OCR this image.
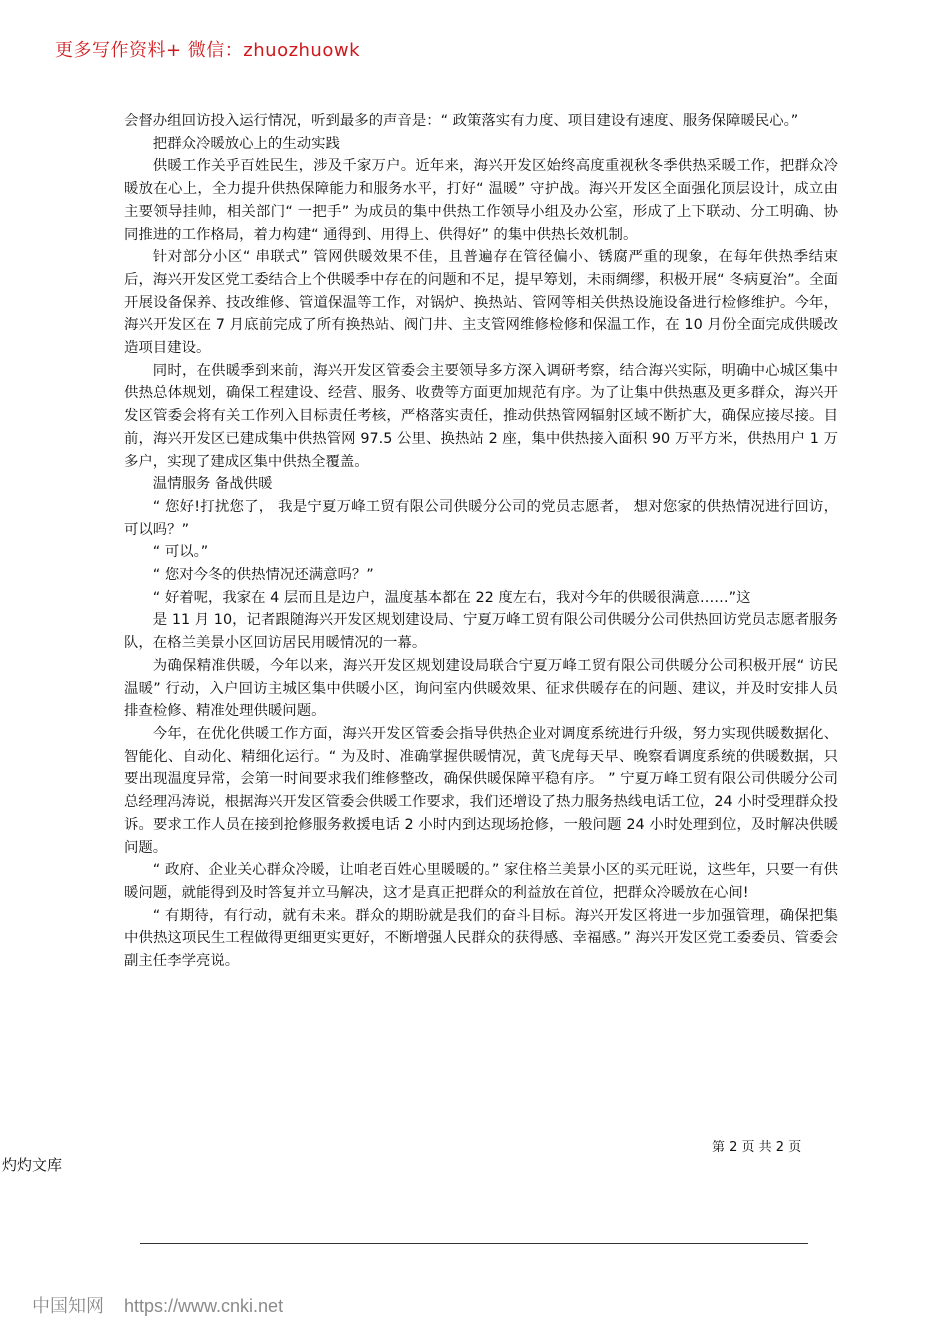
更多写作资料+ 微信：zhuozhuowk

会督办组回访投入运行情况，听到最多的声音是：“ 政策落实有力度、项目建设有速度、服务保障暖民心。”

把群众冷暖放心上的生动实践

供暖工作关乎百姓民生，涉及千家万户。近年来，海兴开发区始终高度重视秋冬季供热采暖工作，把群众冷暖放在心上，全力提升供热保障能力和服务水平，打好“ 温暖” 守护战。海兴开发区全面强化顶层设计，成立由主要领导挂帅，相关部门“ 一把手” 为成员的集中供热工作领导小组及办公室，形成了上下联动、分工明确、协同推进的工作格局，着力构建“ 通得到、用得上、供得好” 的集中供热长效机制。

针对部分小区“ 串联式” 管网供暖效果不佳，且普遍存在管径偏小、锈腐严重的现象，在每年供热季结束后，海兴开发区党工委结合上个供暖季中存在的问题和不足，提早筹划，未雨绸缪，积极开展“ 冬病夏治”。全面开展设备保养、技改维修、管道保温等工作，对锅炉、换热站、管网等相关供热设施设备进行检修维护。今年，海兴开发区在 7 月底前完成了所有换热站、阀门井、主支管网维修检修和保温工作，在 10 月份全面完成供暖改造项目建设。

同时，在供暖季到来前，海兴开发区管委会主要领导多方深入调研考察，结合海兴实际，明确中心城区集中供热总体规划，确保工程建设、经营、服务、收费等方面更加规范有序。为了让集中供热惠及更多群众，海兴开发区管委会将有关工作列入目标责任考核，严格落实责任，推动供热管网辐射区域不断扩大，确保应接尽接。目前，海兴开发区已建成集中供热管网 97.5 公里、换热站 2 座，集中供热接入面积 90 万平方米，供热用户 1 万多户，实现了建成区集中供热全覆盖。

温情服务 备战供暖

“ 您好!打扰您了， 我是宁夏万峰工贸有限公司供暖分公司的党员志愿者， 想对您家的供热情况进行回访，可以吗？”

“ 可以。”

“ 您对今冬的供热情况还满意吗？”

“ 好着呢，我家在 4 层而且是边户，温度基本都在 22 度左右，我对今年的供暖很满意……”这

是 11 月 10，记者跟随海兴开发区规划建设局、宁夏万峰工贸有限公司供暖分公司供热回访党员志愿者服务队，在格兰美景小区回访居民用暖情况的一幕。

为确保精准供暖，今年以来，海兴开发区规划建设局联合宁夏万峰工贸有限公司供暖分公司积极开展“ 访民温暖” 行动，入户回访主城区集中供暖小区，询问室内供暖效果、征求供暖存在的问题、建议，并及时安排人员排查检修、精准处理供暖问题。

今年，在优化供暖工作方面，海兴开发区管委会指导供热企业对调度系统进行升级，努力实现供暖数据化、智能化、自动化、精细化运行。“ 为及时、准确掌握供暖情况，黄飞虎每天早、晚察看调度系统的供暖数据，只要出现温度异常，会第一时间要求我们维修整改，确保供暖保障平稳有序。 ” 宁夏万峰工贸有限公司供暖分公司总经理冯涛说，根据海兴开发区管委会供暖工作要求，我们还增设了热力服务热线电话工位，24 小时受理群众投诉。要求工作人员在接到抢修服务救援电话 2 小时内到达现场抢修，一般问题 24 小时处理到位，及时解决供暖问题。

“ 政府、企业关心群众冷暖，让咱老百姓心里暖暖的。” 家住格兰美景小区的买元旺说，这些年，只要一有供暖问题，就能得到及时答复并立马解决，这才是真正把群众的利益放在首位，把群众冷暖放在心间!

“ 有期待，有行动，就有未来。群众的期盼就是我们的奋斗目标。海兴开发区将进一步加强管理，确保把集中供热这项民生工程做得更细更实更好，不断增强人民群众的获得感、幸福感。” 海兴开发区党工委委员、管委会副主任李学亮说。

第 2 页 共 2 页
灼灼文库
中国知网 https://www.cnki.net
